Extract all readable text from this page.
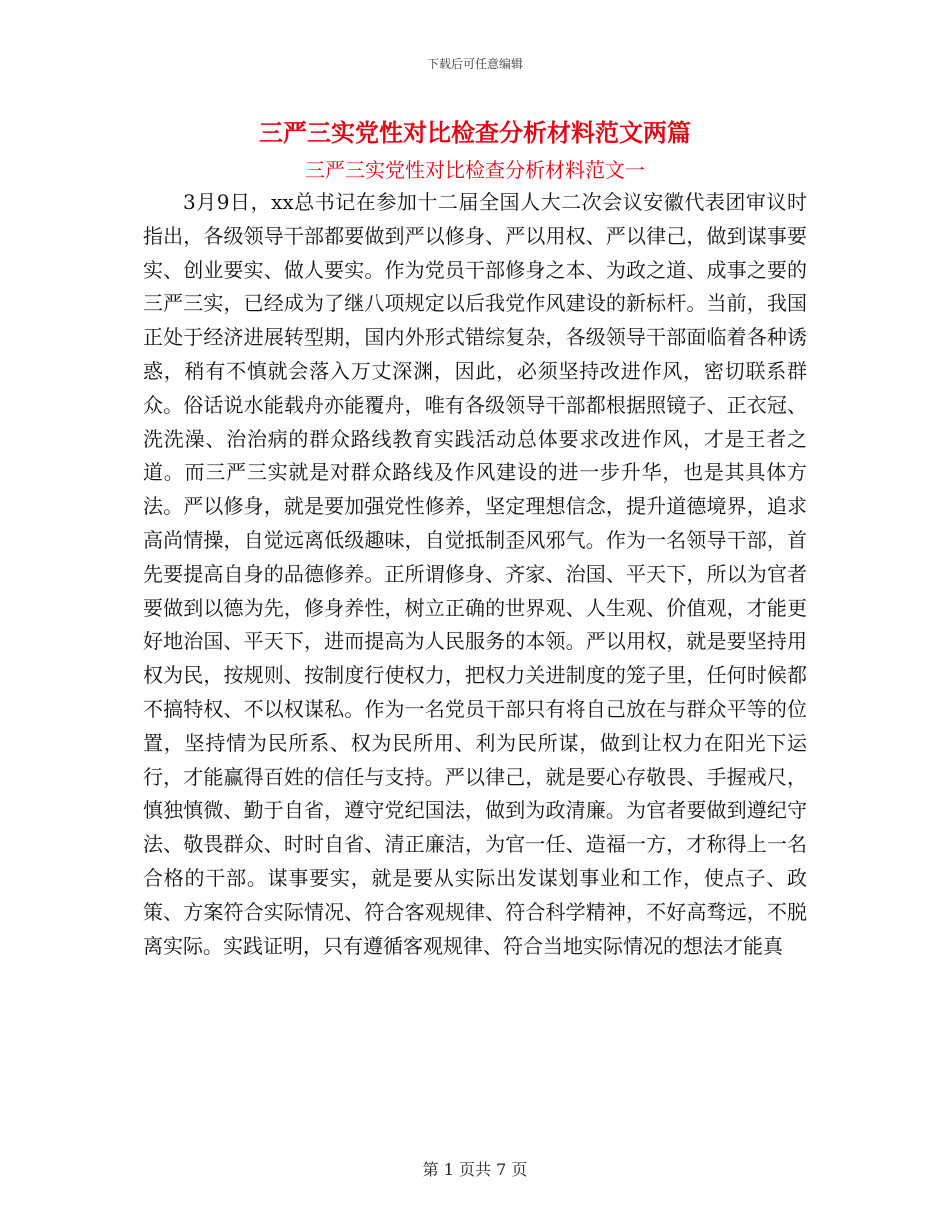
下载后可任意编辑
三严三实党性对比检查分析材料范文两篇
三严三实党性对比检查分析材料范文一

3月9日，xx总书记在参加十二届全国人大二次会议安徽代表团审议时指出，各级领导干部都要做到严以修身、严以用权、严以律己，做到谋事要实、创业要实、做人要实。作为党员干部修身之本、为政之道、成事之要的三严三实，已经成为了继八项规定以后我党作风建设的新标杆。当前，我国正处于经济进展转型期，国内外形式错综复杂，各级领导干部面临着各种诱惑，稍有不慎就会落入万丈深渊，因此，必须坚持改进作风，密切联系群众。俗话说水能载舟亦能覆舟，唯有各级领导干部都根据照镜子、正衣冠、洗洗澡、治治病的群众路线教育实践活动总体要求改进作风，才是王者之道。而三严三实就是对群众路线及作风建设的进一步升华，也是其具体方法。严以修身，就是要加强党性修养，坚定理想信念，提升道德境界，追求高尚情操，自觉远离低级趣味，自觉抵制歪风邪气。作为一名领导干部，首先要提高自身的品德修养。正所谓修身、齐家、治国、平天下，所以为官者要做到以德为先，修身养性，树立正确的世界观、人生观、价值观，才能更好地治国、平天下，进而提高为人民服务的本领。严以用权，就是要坚持用权为民，按规则、按制度行使权力，把权力关进制度的笼子里，任何时候都不搞特权、不以权谋私。作为一名党员干部只有将自己放在与群众平等的位置，坚持情为民所系、权为民所用、利为民所谋，做到让权力在阳光下运行，才能赢得百姓的信任与支持。严以律己，就是要心存敬畏、手握戒尺，慎独慎微、勤于自省，遵守党纪国法，做到为政清廉。为官者要做到遵纪守法、敬畏群众、时时自省、清正廉洁，为官一任、造福一方，才称得上一名合格的干部。谋事要实，就是要从实际出发谋划事业和工作，使点子、政策、方案符合实际情况、符合客观规律、符合科学精神，不好高骛远，不脱离实际。实践证明，只有遵循客观规律、符合当地实际情况的想法才能真

第 1 页共 7 页
